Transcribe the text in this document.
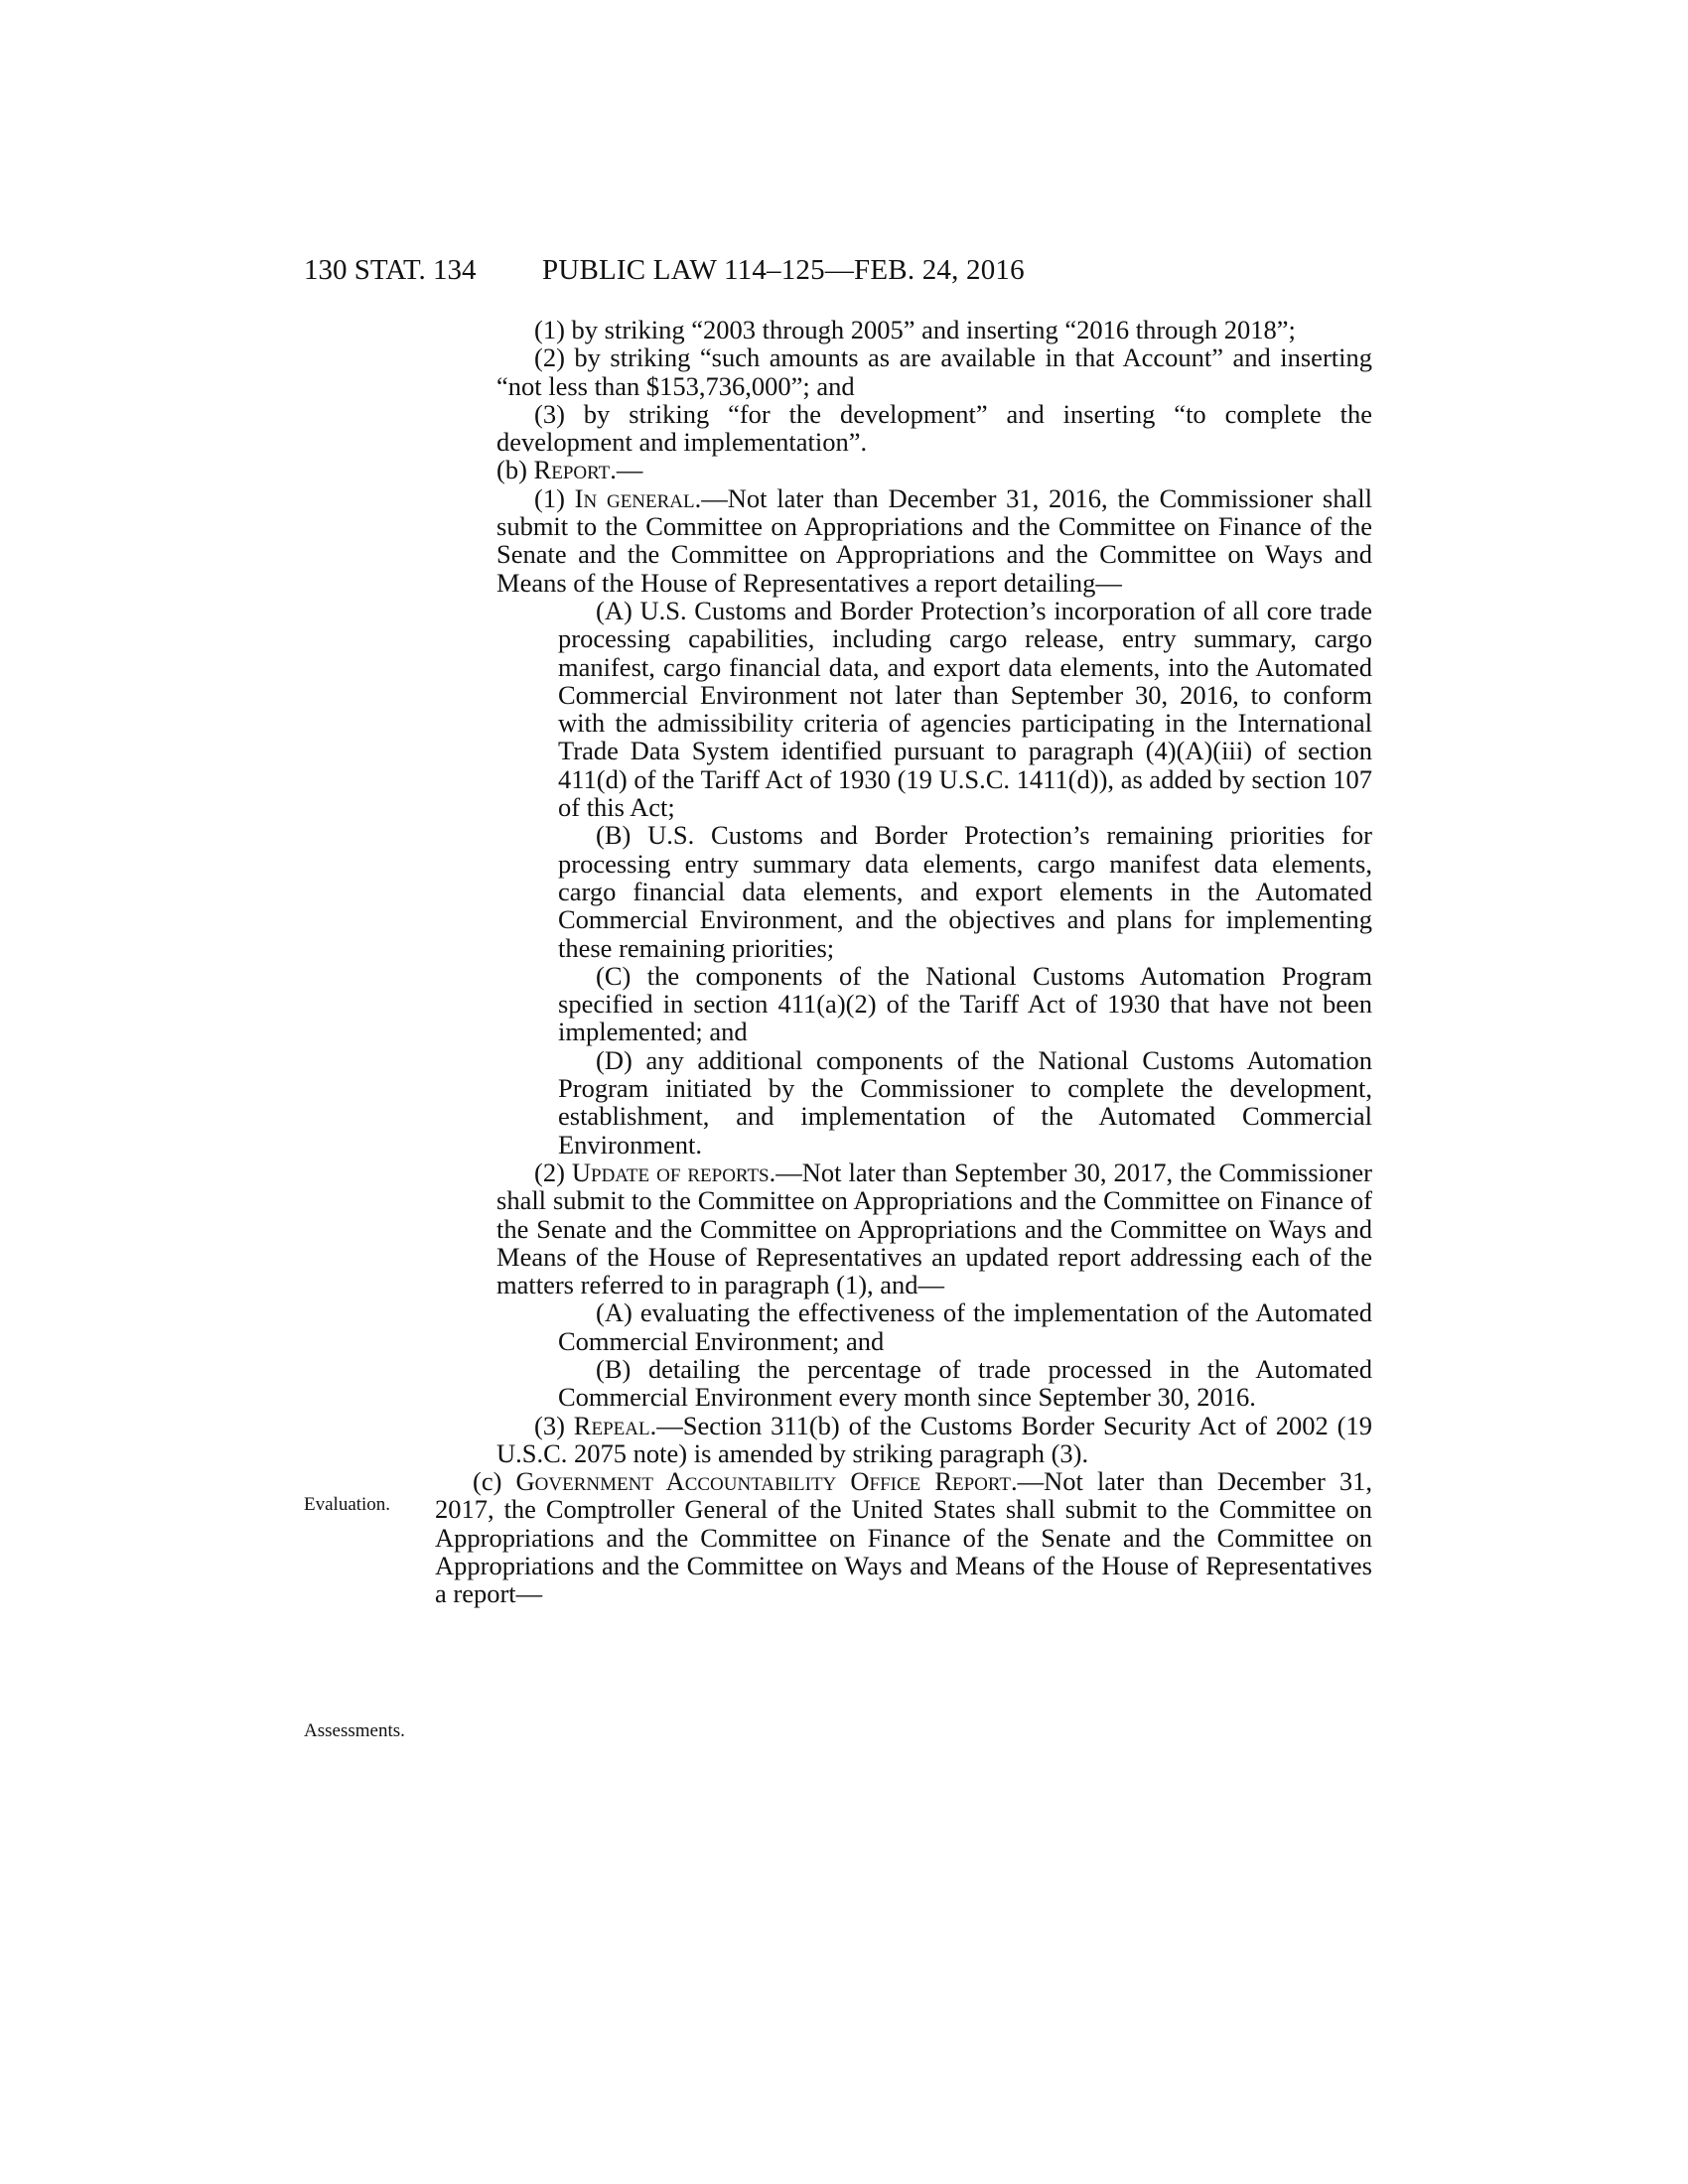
130 STAT. 134 PUBLIC LAW 114–125—FEB. 24, 2016
Evaluation.
Assessments.

(1) by striking “2003 through 2005” and inserting “2016 through 2018”;

(2) by striking “such amounts as are available in that Account” and inserting “not less than $153,736,000”; and

(3) by striking “for the development” and inserting “to complete the development and implementation”.

(b) Report.—

(1) In general.—Not later than December 31, 2016, the Commissioner shall submit to the Committee on Appropriations and the Committee on Finance of the Senate and the Committee on Appropriations and the Committee on Ways and Means of the House of Representatives a report detailing—

(A) U.S. Customs and Border Protection’s incorporation of all core trade processing capabilities, including cargo release, entry summary, cargo manifest, cargo financial data, and export data elements, into the Automated Commercial Environment not later than September 30, 2016, to conform with the admissibility criteria of agencies participating in the International Trade Data System identified pursuant to paragraph (4)(A)(iii) of section 411(d) of the Tariff Act of 1930 (19 U.S.C. 1411(d)), as added by section 107 of this Act;

(B) U.S. Customs and Border Protection’s remaining priorities for processing entry summary data elements, cargo manifest data elements, cargo financial data elements, and export elements in the Automated Commercial Environment, and the objectives and plans for implementing these remaining priorities;

(C) the components of the National Customs Automation Program specified in section 411(a)(2) of the Tariff Act of 1930 that have not been implemented; and

(D) any additional components of the National Customs Automation Program initiated by the Commissioner to complete the development, establishment, and implementation of the Automated Commercial Environment.

(2) Update of reports.—Not later than September 30, 2017, the Commissioner shall submit to the Committee on Appropriations and the Committee on Finance of the Senate and the Committee on Appropriations and the Committee on Ways and Means of the House of Representatives an updated report addressing each of the matters referred to in paragraph (1), and—

(A) evaluating the effectiveness of the implementation of the Automated Commercial Environment; and

(B) detailing the percentage of trade processed in the Automated Commercial Environment every month since September 30, 2016.

(3) Repeal.—Section 311(b) of the Customs Border Security Act of 2002 (19 U.S.C. 2075 note) is amended by striking paragraph (3).

(c) Government Accountability Office Report.—Not later than December 31, 2017, the Comptroller General of the United States shall submit to the Committee on Appropriations and the Committee on Finance of the Senate and the Committee on Appropriations and the Committee on Ways and Means of the House of Representatives a report—
